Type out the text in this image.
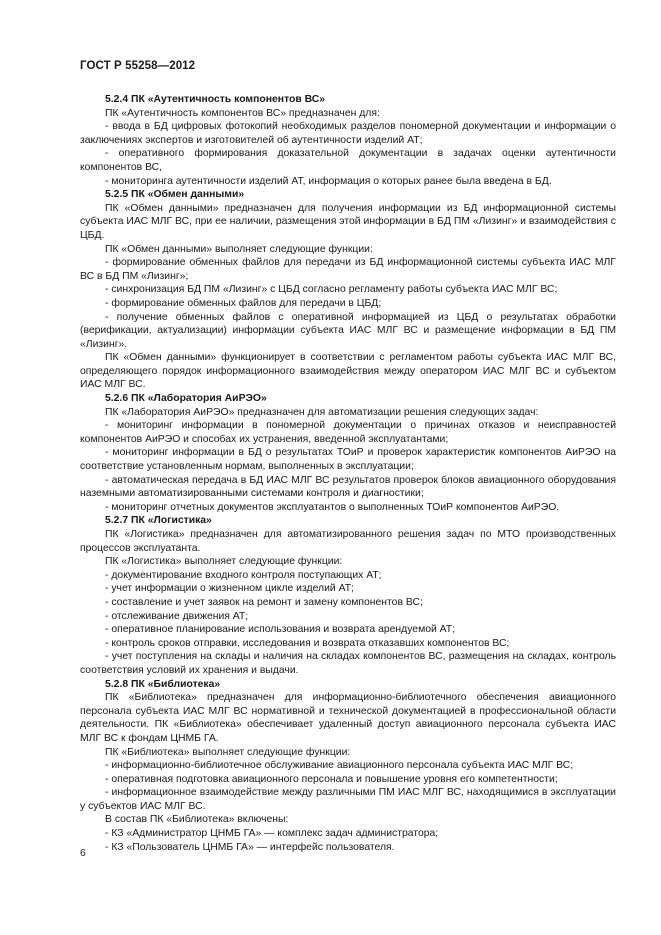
ГОСТ Р 55258—2012

5.2.4 ПК «Аутентичность компонентов ВС»

ПК «Аутентичность компонентов ВС» предназначен для:

- ввода в БД цифровых фотокопий необходимых разделов пономерной документации и информации о заключениях экспертов и изготовителей об аутентичности изделий АТ;

- оперативного формирования доказательной документации в задачах оценки аутентичности компонентов ВС,

- мониторинга аутентичности изделий АТ, информация о которых ранее была введена в БД.

5.2.5 ПК «Обмен данными»

ПК «Обмен данными» предназначен для получения информации из БД информационной системы субъекта ИАС МЛГ ВС, при ее наличии, размещения этой информации в БД ПМ «Лизинг» и взаимодействия с ЦБД.

ПК «Обмен данными» выполняет следующие функции:

- формирование обменных файлов для передачи из БД информационной системы субъекта ИАС МЛГ ВС в БД ПМ «Лизинг»;

- синхронизация БД ПМ «Лизинг» с ЦБД согласно регламенту работы субъекта ИАС МЛГ ВС;

- формирование обменных файлов для передачи в ЦБД;

- получение обменных файлов с оперативной информацией из ЦБД о результатах обработки (верификации, актуализации) информации субъекта ИАС МЛГ ВС и размещение информации в БД ПМ «Лизинг».

ПК «Обмен данными» функционирует в соответствии с регламентом работы субъекта ИАС МЛГ ВС, определяющего порядок информационного взаимодействия между оператором ИАС МЛГ ВС и субъектом ИАС МЛГ ВС.

5.2.6 ПК «Лаборатория АиРЭО»

ПК «Лаборатория АиРЭО» предназначен для автоматизации решения следующих задач:

- мониторинг информации в пономерной документации о причинах отказов и неисправностей компонентов АиРЭО и способах их устранения, введенной эксплуатантами;

- мониторинг информации в БД о результатах ТОиР и проверок характеристик компонентов АиРЭО на соответствие установленным нормам, выполненных в эксплуатации;

- автоматическая передача в БД ИАС МЛГ ВС результатов проверок блоков авиационного оборудования наземными автоматизированными системами контроля и диагностики;

- мониторинг отчетных документов эксплуатантов о выполненных ТОиР компонентов АиРЭО.

5.2.7 ПК «Логистика»

ПК «Логистика» предназначен для автоматизированного решения задач по МТО производственных процессов эксплуатанта.

ПК «Логистика» выполняет следующие функции:

- документирование входного контроля поступающих АТ;

- учет информации о жизненном цикле изделий АТ;

- составление и учет заявок на ремонт и замену компонентов ВС;

- отслеживание движения АТ;

- оперативное планирование использования и возврата арендуемой АТ;

- контроль сроков отправки, исследования и возврата отказавших компонентов ВС;

- учет поступления на склады и наличия на складах компонентов ВС, размещения на складах, контроль соответствия условий их хранения и выдачи.

5.2.8 ПК «Библиотека»

ПК «Библиотека» предназначен для информационно-библиотечного обеспечения авиационного персонала субъекта ИАС МЛГ ВС нормативной и технической документацией в профессиональной области деятельности. ПК «Библиотека» обеспечивает удаленный доступ авиационного персонала субъекта ИАС МЛГ ВС к фондам ЦНМБ ГА.

ПК «Библиотека» выполняет следующие функции:

- информационно-библиотечное обслуживание авиационного персонала субъекта ИАС МЛГ ВС;

- оперативная подготовка авиационного персонала и повышение уровня его компетентности;

- информационное взаимодействие между различными ПМ ИАС МЛГ ВС, находящимися в эксплуатации у субъектов ИАС МЛГ ВС.

В состав ПК «Библиотека» включены:

- КЗ «Администратор ЦНМБ ГА» — комплекс задач администратора;

- КЗ «Пользователь ЦНМБ ГА» — интерфейс пользователя.

6
